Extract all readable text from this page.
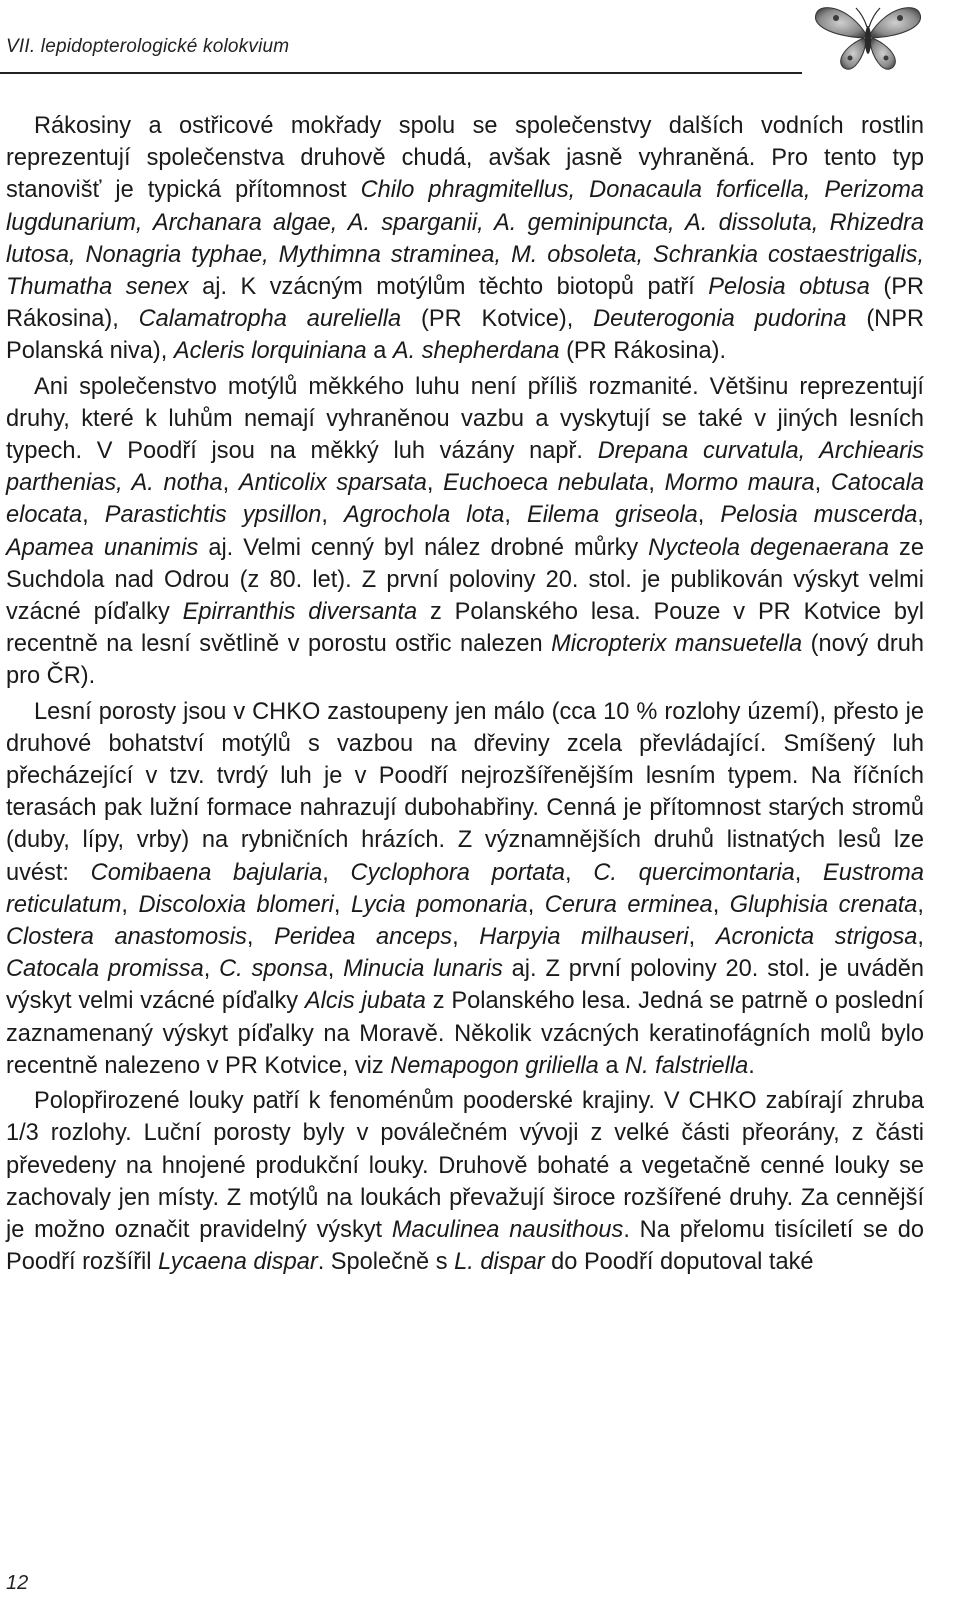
VII. lepidopterologické kolokvium

Rákosiny a ostřicové mokřady spolu se společenstvy dalších vodních rostlin reprezentují společenstva druhově chudá, avšak jasně vyhraněná. Pro tento typ stanovišť je typická přítomnost Chilo phragmitellus, Donacaula forficella, Perizoma lugdunarium, Archanara algae, A. sparganii, A. geminipuncta, A. dissoluta, Rhizedra lutosa, Nonagria typhae, Mythimna straminea, M. obsoleta, Schrankia costaestrigalis, Thumatha senex aj. K vzácným motýlům těchto biotopů patří Pelosia obtusa (PR Rákosina), Calamatropha aureliella (PR Kotvice), Deuterogonia pudorina (NPR Polanská niva), Acleris lorquiniana a A. shepherdana (PR Rákosina).

Ani společenstvo motýlů měkkého luhu není příliš rozmanité. Většinu reprezentují druhy, které k luhům nemají vyhraněnou vazbu a vyskytují se také v jiných lesních typech. V Poodří jsou na měkký luh vázány např. Drepana curvatula, Archiearis parthenias, A. notha, Anticolix sparsata, Euchoeca nebulata, Mormo maura, Catocala elocata, Parastichtis ypsillon, Agrochola lota, Eilema griseola, Pelosia muscerda, Apamea unanimis aj. Velmi cenný byl nález drobné můrky Nycteola degenaerana ze Suchdola nad Odrou (z 80. let). Z první poloviny 20. stol. je publikován výskyt velmi vzácné píďalky Epirranthis diversanta z Polanského lesa. Pouze v PR Kotvice byl recentně na lesní světlině v porostu ostřic nalezen Micropterix mansuetella (nový druh pro ČR).

Lesní porosty jsou v CHKO zastoupeny jen málo (cca 10 % rozlohy území), přesto je druhové bohatství motýlů s vazbou na dřeviny zcela převládající. Smíšený luh přecházející v tzv. tvrdý luh je v Poodří nejrozšířenějším lesním typem. Na říčních terasách pak lužní formace nahrazují dubohabřiny. Cenná je přítomnost starých stromů (duby, lípy, vrby) na rybničních hrázích. Z významnějších druhů listnatých lesů lze uvést: Comibaena bajularia, Cyclophora portata, C. quercimontaria, Eustroma reticulatum, Discoloxia blomeri, Lycia pomonaria, Cerura erminea, Gluphisia crenata, Clostera anastomosis, Peridea anceps, Harpyia milhauseri, Acronicta strigosa, Catocala promissa, C. sponsa, Minucia lunaris aj. Z první poloviny 20. stol. je uváděn výskyt velmi vzácné píďalky Alcis jubata z Polanského lesa. Jedná se patrně o poslední zaznamenaný výskyt píďalky na Moravě. Několik vzácných keratinofágních molů bylo recentně nalezeno v PR Kotvice, viz Nemapogon griliella a N. falstriella.

Polopřirozené louky patří k fenoménům pooderské krajiny. V CHKO zabírají zhruba 1/3 rozlohy. Luční porosty byly v poválečném vývoji z velké části přeorány, z části převedeny na hnojené produkční louky. Druhově bohaté a vegetačně cenné louky se zachovaly jen místy. Z motýlů na loukách převažují široce rozšířené druhy. Za cennější je možno označit pravidelný výskyt Maculinea nausithous. Na přelomu tisíciletí se do Poodří rozšířil Lycaena dispar. Společně s L. dispar do Poodří doputoval také

12
